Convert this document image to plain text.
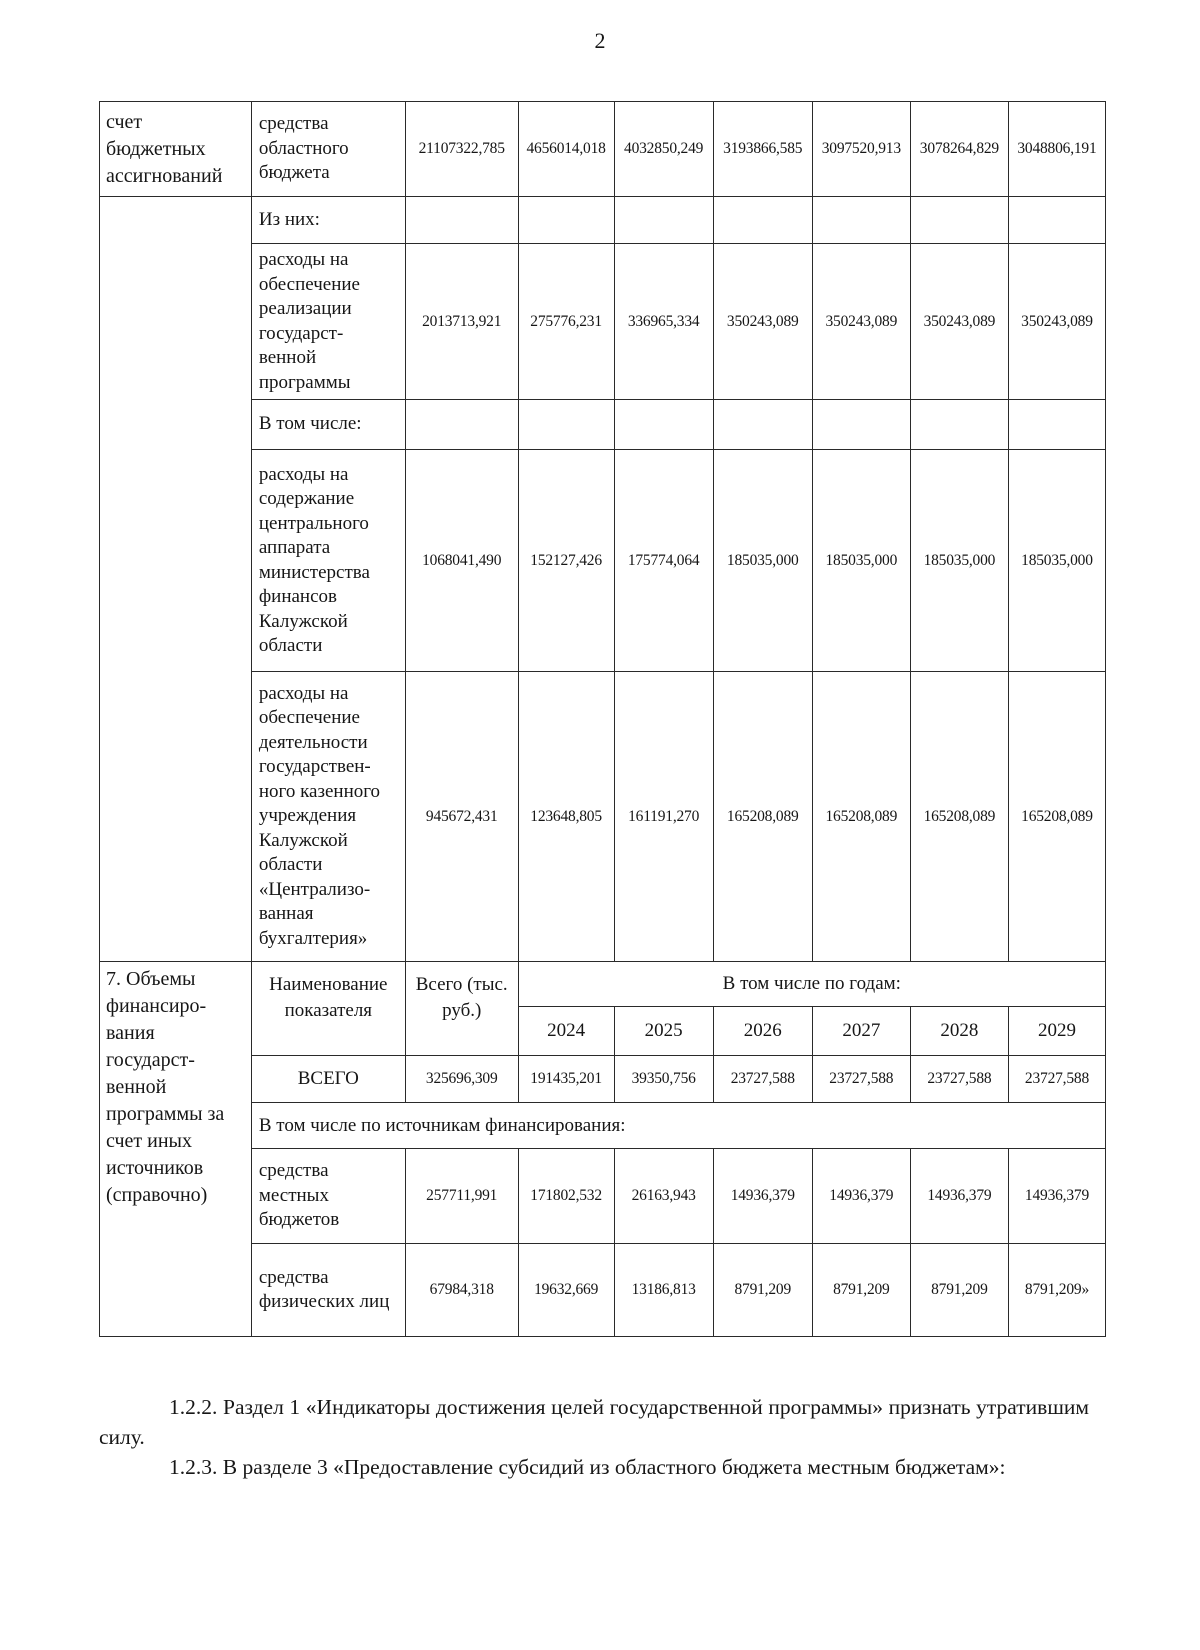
2
счет бюджетных ассигнований	средства областного бюджета	21107322,785	4656014,018	4032850,249	3193866,585	3097520,913	3078264,829	3048806,191
	Из них:							
	расходы на обеспечение реализации государст-венной программы	2013713,921	275776,231	336965,334	350243,089	350243,089	350243,089	350243,089
	В том числе:							
	расходы на содержание центрального аппарата министерства финансов Калужской области	1068041,490	152127,426	175774,064	185035,000	185035,000	185035,000	185035,000
	расходы на обеспечение деятельности государствен-ного казенного учреждения Калужской области «Централизо-ванная бухгалтерия»	945672,431	123648,805	161191,270	165208,089	165208,089	165208,089	165208,089
7. Объемы финансиро-вания государст-венной программы за счет иных источников (справочно)	Наименование показателя	Всего (тыс. руб.)	В том числе по годам:					
			2024	2025	2026	2027	2028	2029
	ВСЕГО	325696,309	191435,201	39350,756	23727,588	23727,588	23727,588	23727,588
	В том числе по источникам финансирования:							
	средства местных бюджетов	257711,991	171802,532	26163,943	14936,379	14936,379	14936,379	14936,379
	средства физических лиц	67984,318	19632,669	13186,813	8791,209	8791,209	8791,209	8791,209»

1.2.2. Раздел 1 «Индикаторы достижения целей государственной программы» признать утратившим силу.

1.2.3. В разделе 3 «Предоставление субсидий из областного бюджета местным бюджетам»:
